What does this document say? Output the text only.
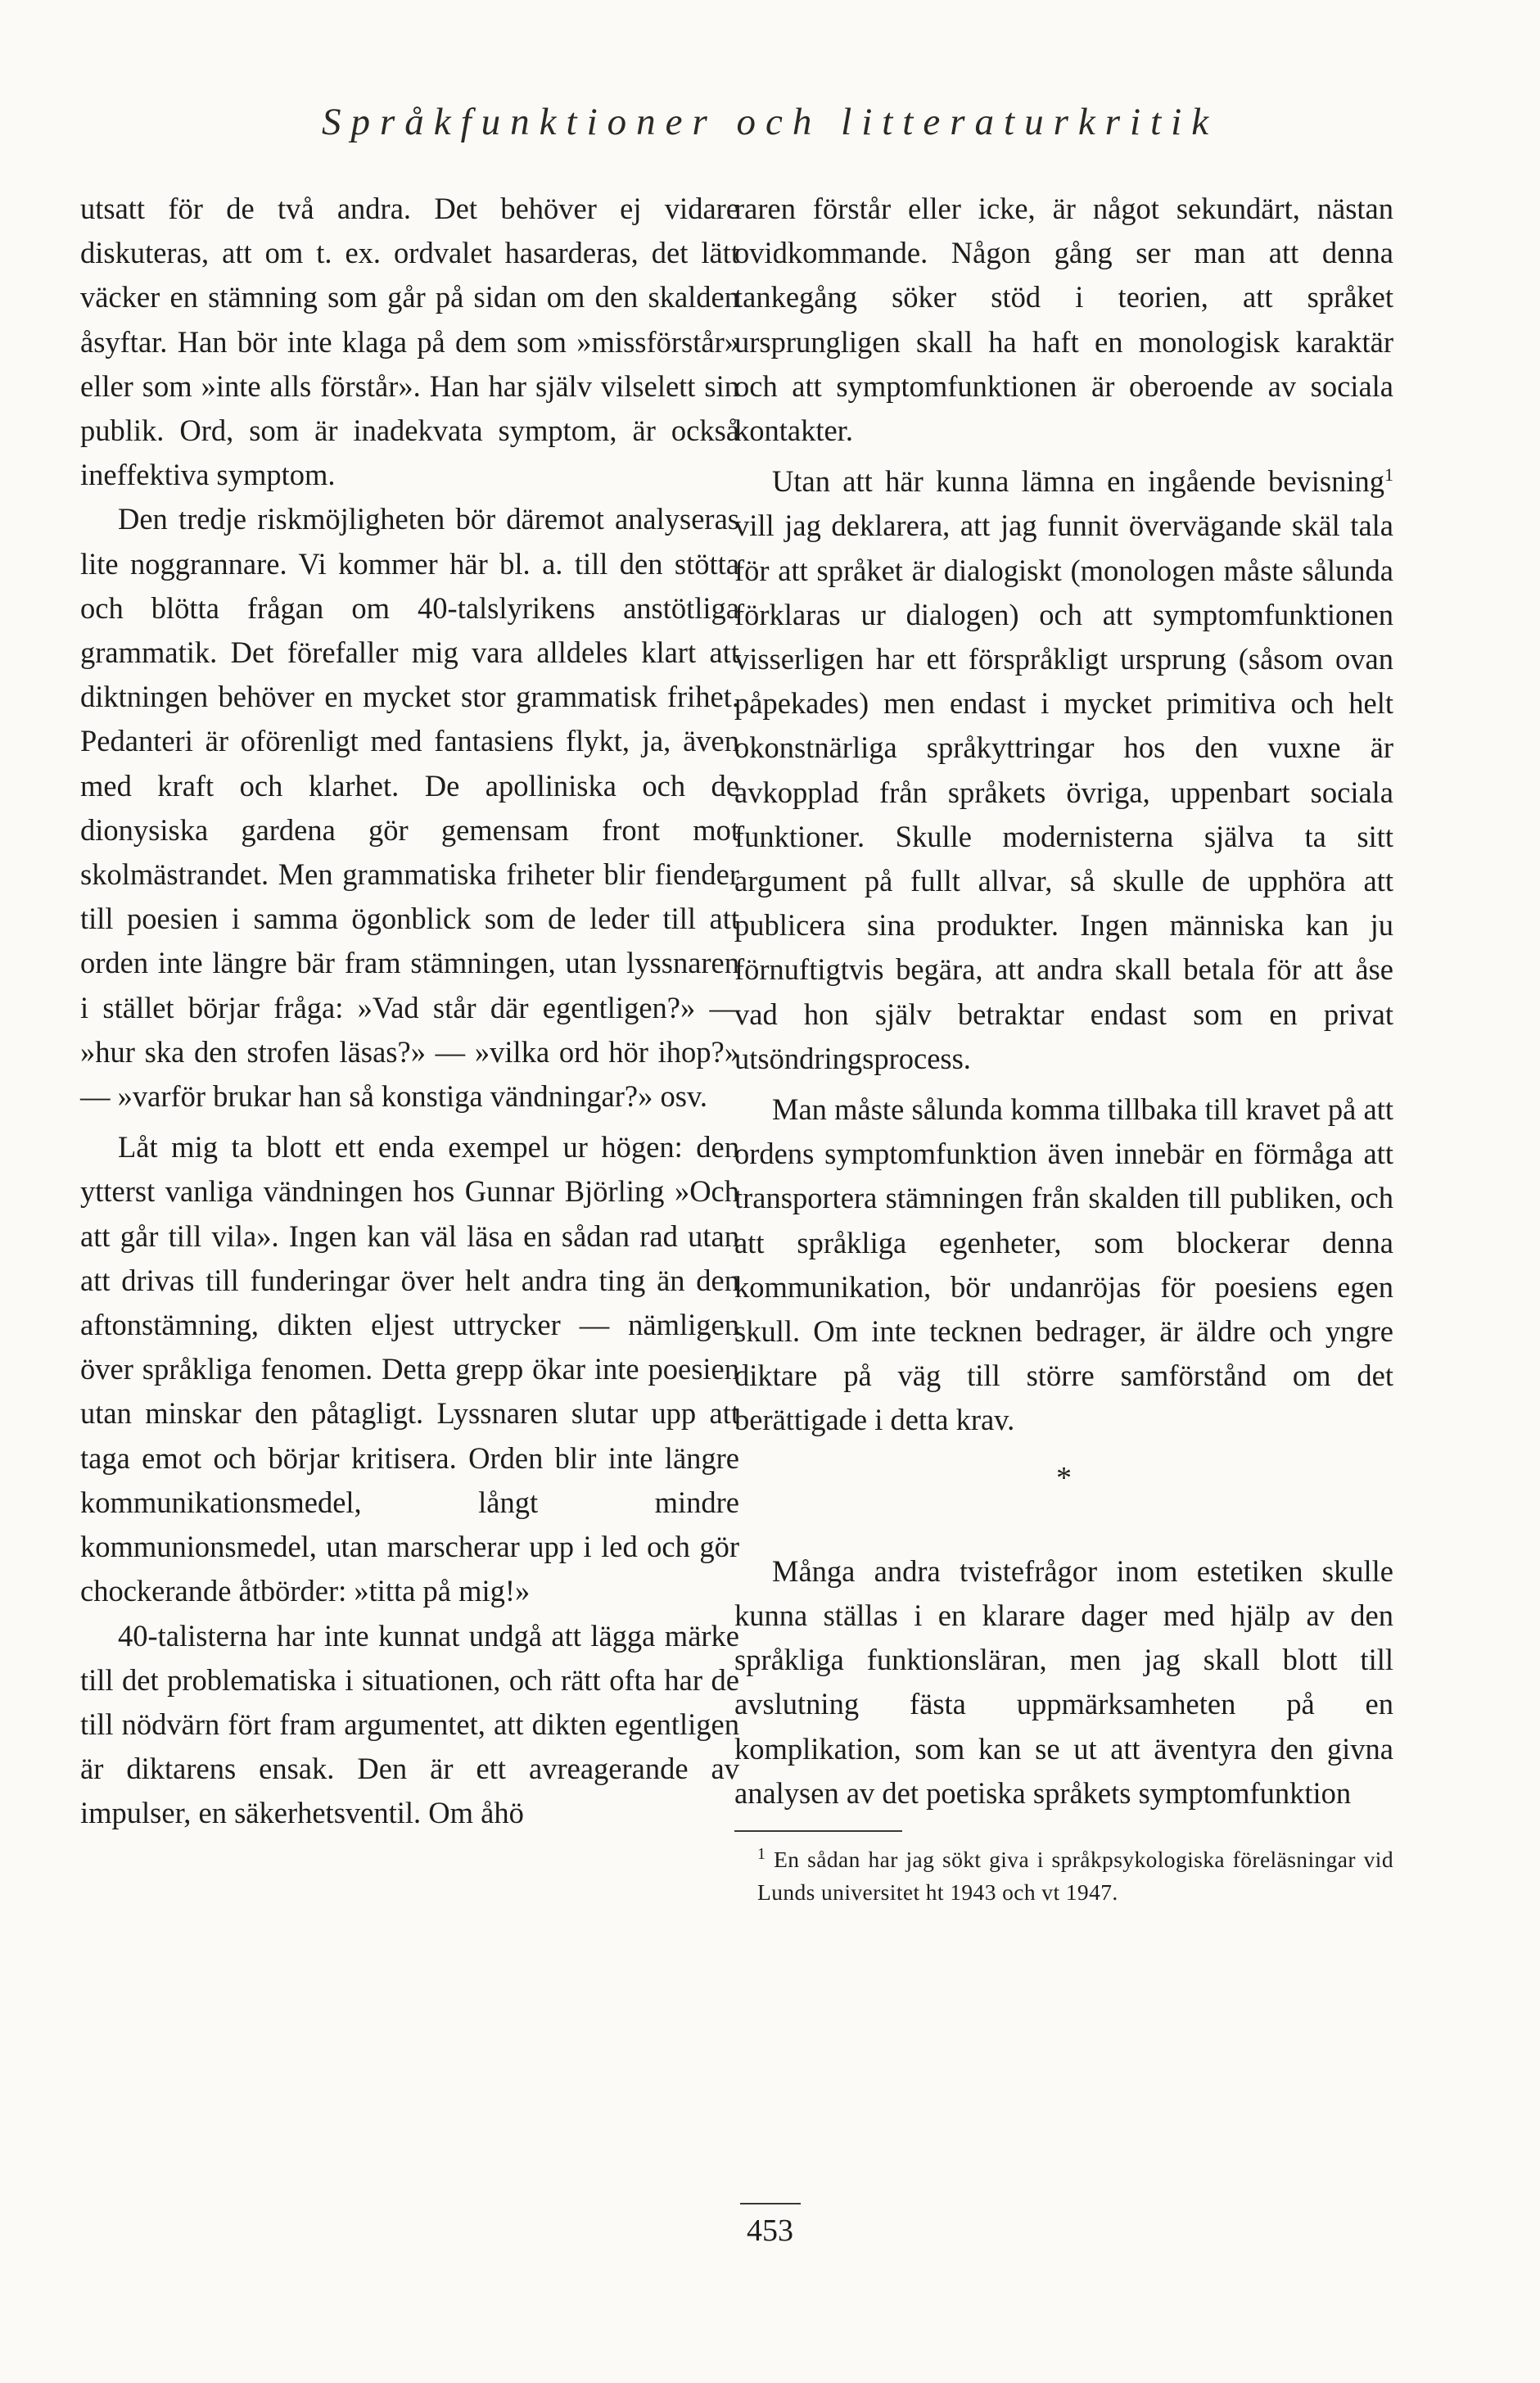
Språkfunktioner och litteraturkritik

utsatt för de två andra. Det behöver ej vidare diskuteras, att om t. ex. ordvalet hasarderas, det lätt väcker en stämning som går på sidan om den skalden åsyftar. Han bör inte klaga på dem som »missförstår» eller som »inte alls förstår». Han har själv vilselett sin publik. Ord, som är inadekvata symptom, är också ineffektiva symptom.

Den tredje riskmöjligheten bör däremot analyseras lite noggrannare. Vi kommer här bl. a. till den stötta och blötta frågan om 40-talslyrikens anstötliga grammatik. Det förefaller mig vara alldeles klart att diktningen behöver en mycket stor grammatisk frihet. Pedanteri är oförenligt med fantasiens flykt, ja, även med kraft och klarhet. De apolliniska och de dionysiska gardena gör gemensam front mot skolmästrandet. Men grammatiska friheter blir fiender till poesien i samma ögonblick som de leder till att orden inte längre bär fram stämningen, utan lyssnaren i stället börjar fråga: »Vad står där egentligen?» — »hur ska den strofen läsas?» — »vilka ord hör ihop?» — »varför brukar han så konstiga vändningar?» osv.

Låt mig ta blott ett enda exempel ur högen: den ytterst vanliga vändningen hos Gunnar Björling »Och att går till vila». Ingen kan väl läsa en sådan rad utan att drivas till funderingar över helt andra ting än den aftonstämning, dikten eljest uttrycker — nämligen över språkliga fenomen. Detta grepp ökar inte poesien utan minskar den påtagligt. Lyssnaren slutar upp att taga emot och börjar kritisera. Orden blir inte längre kommunikationsmedel, långt mindre kommunionsmedel, utan marscherar upp i led och gör chockerande åtbörder: »titta på mig!»

40-talisterna har inte kunnat undgå att lägga märke till det problematiska i situationen, och rätt ofta har de till nödvärn fört fram argumentet, att dikten egentligen är diktarens ensak. Den är ett avreagerande av impulser, en säkerhetsventil. Om åhö

raren förstår eller icke, är något sekundärt, nästan ovidkommande. Någon gång ser man att denna tankegång söker stöd i teorien, att språket ursprungligen skall ha haft en monologisk karaktär och att symptomfunktionen är oberoende av sociala kontakter.

Utan att här kunna lämna en ingående bevisning$^1$ vill jag deklarera, att jag funnit övervägande skäl tala för att språket är dialogiskt (monologen måste sålunda förklaras ur dialogen) och att symptomfunktionen visserligen har ett förspråkligt ursprung (såsom ovan påpekades) men endast i mycket primitiva och helt okonstnärliga språkyttringar hos den vuxne är avkopplad från språkets övriga, uppenbart sociala funktioner. Skulle modernisterna själva ta sitt argument på fullt allvar, så skulle de upphöra att publicera sina produkter. Ingen människa kan ju förnuftigtvis begära, att andra skall betala för att åse vad hon själv betraktar endast som en privat utsöndringsprocess.

Man måste sålunda komma tillbaka till kravet på att ordens symptomfunktion även innebär en förmåga att transportera stämningen från skalden till publiken, och att språkliga egenheter, som blockerar denna kommunikation, bör undanröjas för poesiens egen skull. Om inte tecknen bedrager, är äldre och yngre diktare på väg till större samförstånd om det berättigade i detta krav.

*

Många andra tvistefrågor inom estetiken skulle kunna ställas i en klarare dager med hjälp av den språkliga funktionsläran, men jag skall blott till avslutning fästa uppmärksamheten på en komplikation, som kan se ut att äventyra den givna analysen av det poetiska språkets symptomfunktion

$^1$ En sådan har jag sökt giva i språkpsykologiska föreläsningar vid Lunds universitet ht 1943 och vt 1947.
453
